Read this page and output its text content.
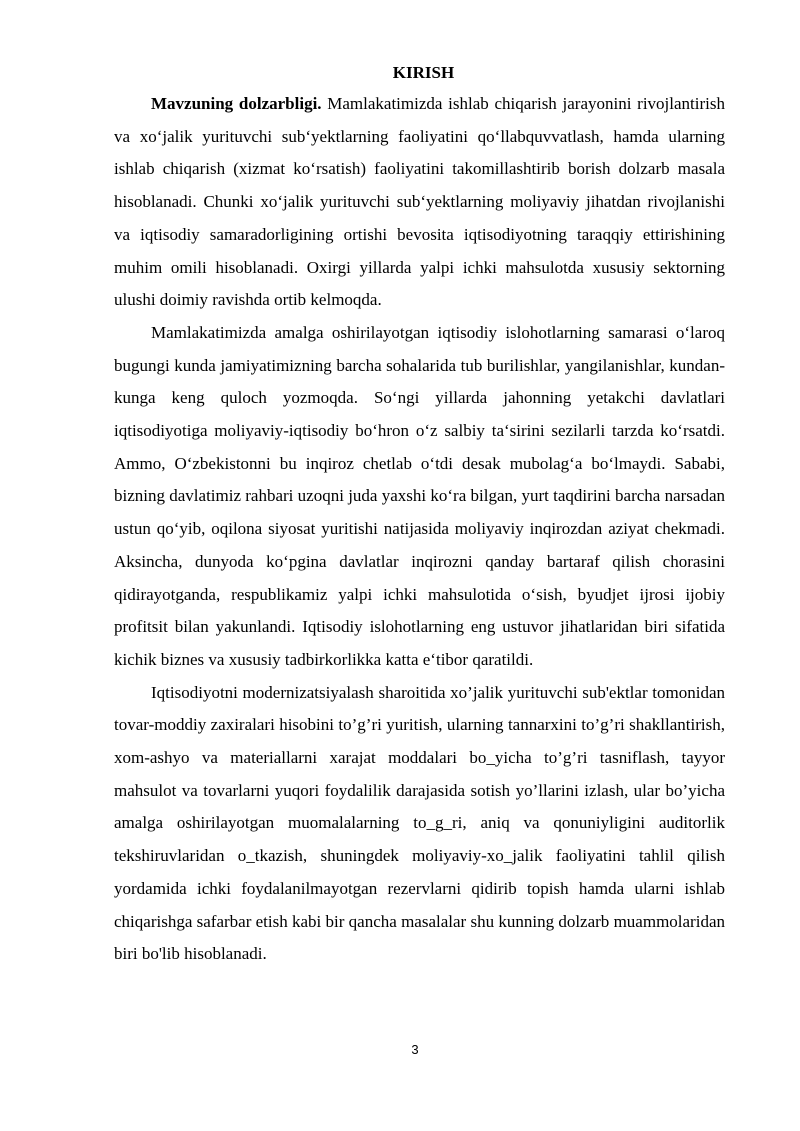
KIRISH

Mavzuning dolzarbligi. Mamlakatimizda ishlab chiqarish jarayonini rivojlantirish va xo‘jalik yurituvchi sub‘yektlarning faoliyatini qo‘llabquvvatlash, hamda ularning ishlab chiqarish (xizmat ko‘rsatish) faoliyatini takomillashtirib borish dolzarb masala hisoblanadi. Chunki xo‘jalik yurituvchi sub‘yektlarning moliyaviy jihatdan rivojlanishi va iqtisodiy samaradorligining ortishi bevosita iqtisodiyotning taraqqiy ettirishining muhim omili hisoblanadi. Oxirgi yillarda yalpi ichki mahsulotda xususiy sektorning ulushi doimiy ravishda ortib kelmoqda.

Mamlakatimizda amalga oshirilayotgan iqtisodiy islohotlarning samarasi o‘laroq bugungi kunda jamiyatimizning barcha sohalarida tub burilishlar, yangilanishlar, kundan-kunga keng quloch yozmoqda. So‘ngi yillarda jahonning yetakchi davlatlari iqtisodiyotiga moliyaviy-iqtisodiy bo‘hron o‘z salbiy ta‘sirini sezilarli tarzda ko‘rsatdi. Ammo, O‘zbekistonni bu inqiroz chetlab o‘tdi desak mubolag‘a bo‘lmaydi. Sababi, bizning davlatimiz rahbari uzoqni juda yaxshi ko‘ra bilgan, yurt taqdirini barcha narsadan ustun qo‘yib, oqilona siyosat yuritishi natijasida moliyaviy inqirozdan aziyat chekmadi. Aksincha, dunyoda ko‘pgina davlatlar inqirozni qanday bartaraf qilish chorasini qidirayotganda, respublikamiz yalpi ichki mahsulotida o‘sish, byudjet ijrosi ijobiy profitsit bilan yakunlandi. Iqtisodiy islohotlarning eng ustuvor jihatlaridan biri sifatida kichik biznes va xususiy tadbirkorlikka katta e‘tibor qaratildi.

Iqtisodiyotni modernizatsiyalash sharoitida xo’jalik yurituvchi sub'ektlar tomonidan tovar-moddiy zaxiralari hisobini to’g’ri yuritish, ularning tannarxini to’g’ri shakllantirish, xom-ashyo va materiallarni xarajat moddalari bo_yicha to’g’ri tasniflash, tayyor mahsulot va tovarlarni yuqori foydalilik darajasida sotish yo’llarini izlash, ular bo’yicha amalga oshirilayotgan muomalalarning to_g_ri, aniq va qonuniyligini auditorlik tekshiruvlaridan o_tkazish, shuningdek moliyaviy-xo_jalik faoliyatini tahlil qilish yordamida ichki foydalanilmayotgan rezervlarni qidirib topish hamda ularni ishlab chiqarishga safarbar etish kabi bir qancha masalalar shu kunning dolzarb muammolaridan biri bo'lib hisoblanadi.

3
